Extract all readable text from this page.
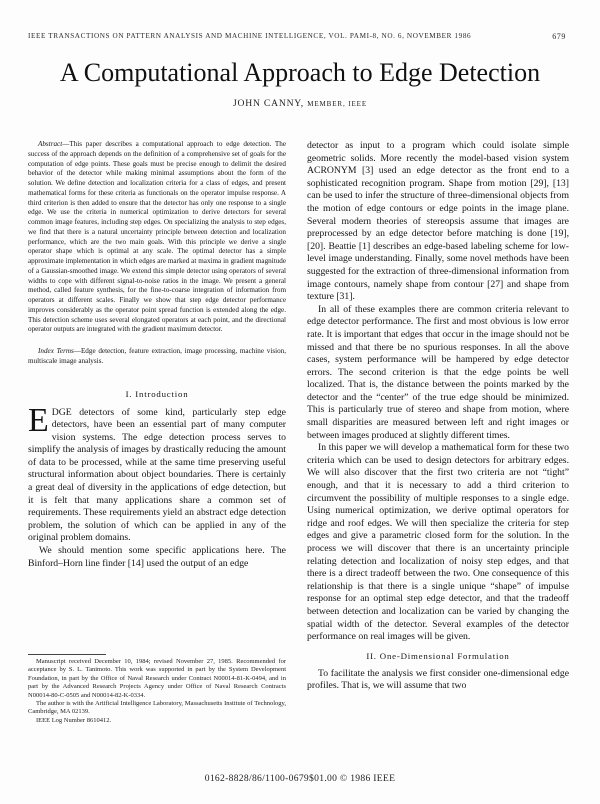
IEEE TRANSACTIONS ON PATTERN ANALYSIS AND MACHINE INTELLIGENCE, VOL. PAMI-8, NO. 6, NOVEMBER 1986	679
A Computational Approach to Edge Detection
JOHN CANNY, MEMBER, IEEE

Abstract—This paper describes a computational approach to edge detection. The success of the approach depends on the definition of a comprehensive set of goals for the computation of edge points. These goals must be precise enough to delimit the desired behavior of the detector while making minimal assumptions about the form of the solution. We define detection and localization criteria for a class of edges, and present mathematical forms for these criteria as functionals on the operator impulse response. A third criterion is then added to ensure that the detector has only one response to a single edge. We use the criteria in numerical optimization to derive detectors for several common image features, including step edges. On specializing the analysis to step edges, we find that there is a natural uncertainty principle between detection and localization performance, which are the two main goals. With this principle we derive a single operator shape which is optimal at any scale. The optimal detector has a simple approximate implementation in which edges are marked at maxima in gradient magnitude of a Gaussian-smoothed image. We extend this simple detector using operators of several widths to cope with different signal-to-noise ratios in the image. We present a general method, called feature synthesis, for the fine-to-coarse integration of information from operators at different scales. Finally we show that step edge detector performance improves considerably as the operator point spread function is extended along the edge. This detection scheme uses several elongated operators at each point, and the directional operator outputs are integrated with the gradient maximum detector.

Index Terms—Edge detection, feature extraction, image processing, machine vision, multiscale image analysis.

I. Introduction

EDGE detectors of some kind, particularly step edge detectors, have been an essential part of many computer vision systems. The edge detection process serves to simplify the analysis of images by drastically reducing the amount of data to be processed, while at the same time preserving useful structural information about object boundaries. There is certainly a great deal of diversity in the applications of edge detection, but it is felt that many applications share a common set of requirements. These requirements yield an abstract edge detection problem, the solution of which can be applied in any of the original problem domains.

We should mention some specific applications here. The Binford–Horn line finder [14] used the output of an edge

detector as input to a program which could isolate simple geometric solids. More recently the model-based vision system ACRONYM [3] used an edge detector as the front end to a sophisticated recognition program. Shape from motion [29], [13] can be used to infer the structure of three-dimensional objects from the motion of edge contours or edge points in the image plane. Several modern theories of stereopsis assume that images are preprocessed by an edge detector before matching is done [19], [20]. Beattie [1] describes an edge-based labeling scheme for low-level image understanding. Finally, some novel methods have been suggested for the extraction of three-dimensional information from image contours, namely shape from contour [27] and shape from texture [31].

In all of these examples there are common criteria relevant to edge detector performance. The first and most obvious is low error rate. It is important that edges that occur in the image should not be missed and that there be no spurious responses. In all the above cases, system performance will be hampered by edge detector errors. The second criterion is that the edge points be well localized. That is, the distance between the points marked by the detector and the “center” of the true edge should be minimized. This is particularly true of stereo and shape from motion, where small disparities are measured between left and right images or between images produced at slightly different times.

In this paper we will develop a mathematical form for these two criteria which can be used to design detectors for arbitrary edges. We will also discover that the first two criteria are not “tight” enough, and that it is necessary to add a third criterion to circumvent the possibility of multiple responses to a single edge. Using numerical optimization, we derive optimal operators for ridge and roof edges. We will then specialize the criteria for step edges and give a parametric closed form for the solution. In the process we will discover that there is an uncertainty principle relating detection and localization of noisy step edges, and that there is a direct tradeoff between the two. One consequence of this relationship is that there is a single unique “shape” of impulse response for an optimal step edge detector, and that the tradeoff between detection and localization can be varied by changing the spatial width of the detector. Several examples of the detector performance on real images will be given.

II. One-Dimensional Formulation

To facilitate the analysis we first consider one-dimensional edge profiles. That is, we will assume that two

Manuscript received December 10, 1984; revised November 27, 1985. Recommended for acceptance by S. L. Tanimoto. This work was supported in part by the System Development Foundation, in part by the Office of Naval Research under Contract N00014-81-K-0494, and in part by the Advanced Research Projects Agency under Office of Naval Research Contracts N00014-80-C-0505 and N00014-82-K-0334.

The author is with the Artificial Intelligence Laboratory, Massachusetts Institute of Technology, Cambridge, MA 02139.

IEEE Log Number 8610412.

0162-8828/86/1100-0679$01.00 © 1986 IEEE
